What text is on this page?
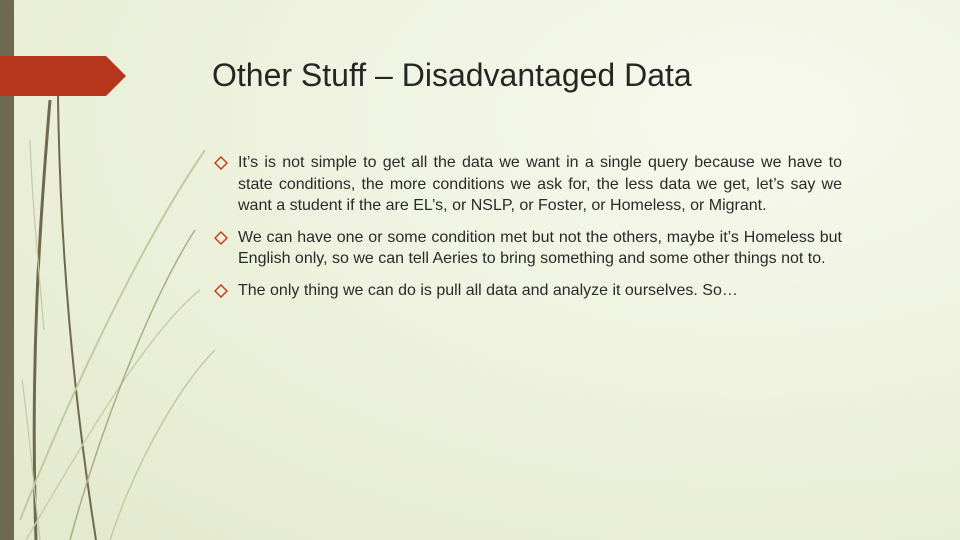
Other Stuff – Disadvantaged Data
It’s is not simple to get all the data we want in a single query because we have to state conditions, the more conditions we ask for, the less data we get, let’s say we want a student if the are EL’s, or NSLP, or Foster, or Homeless, or Migrant.
We can have one or some condition met but not the others, maybe it’s Homeless but English only, so we can tell Aeries to bring something and some other things not to.
The only thing we can do is pull all data and analyze it ourselves. So…
